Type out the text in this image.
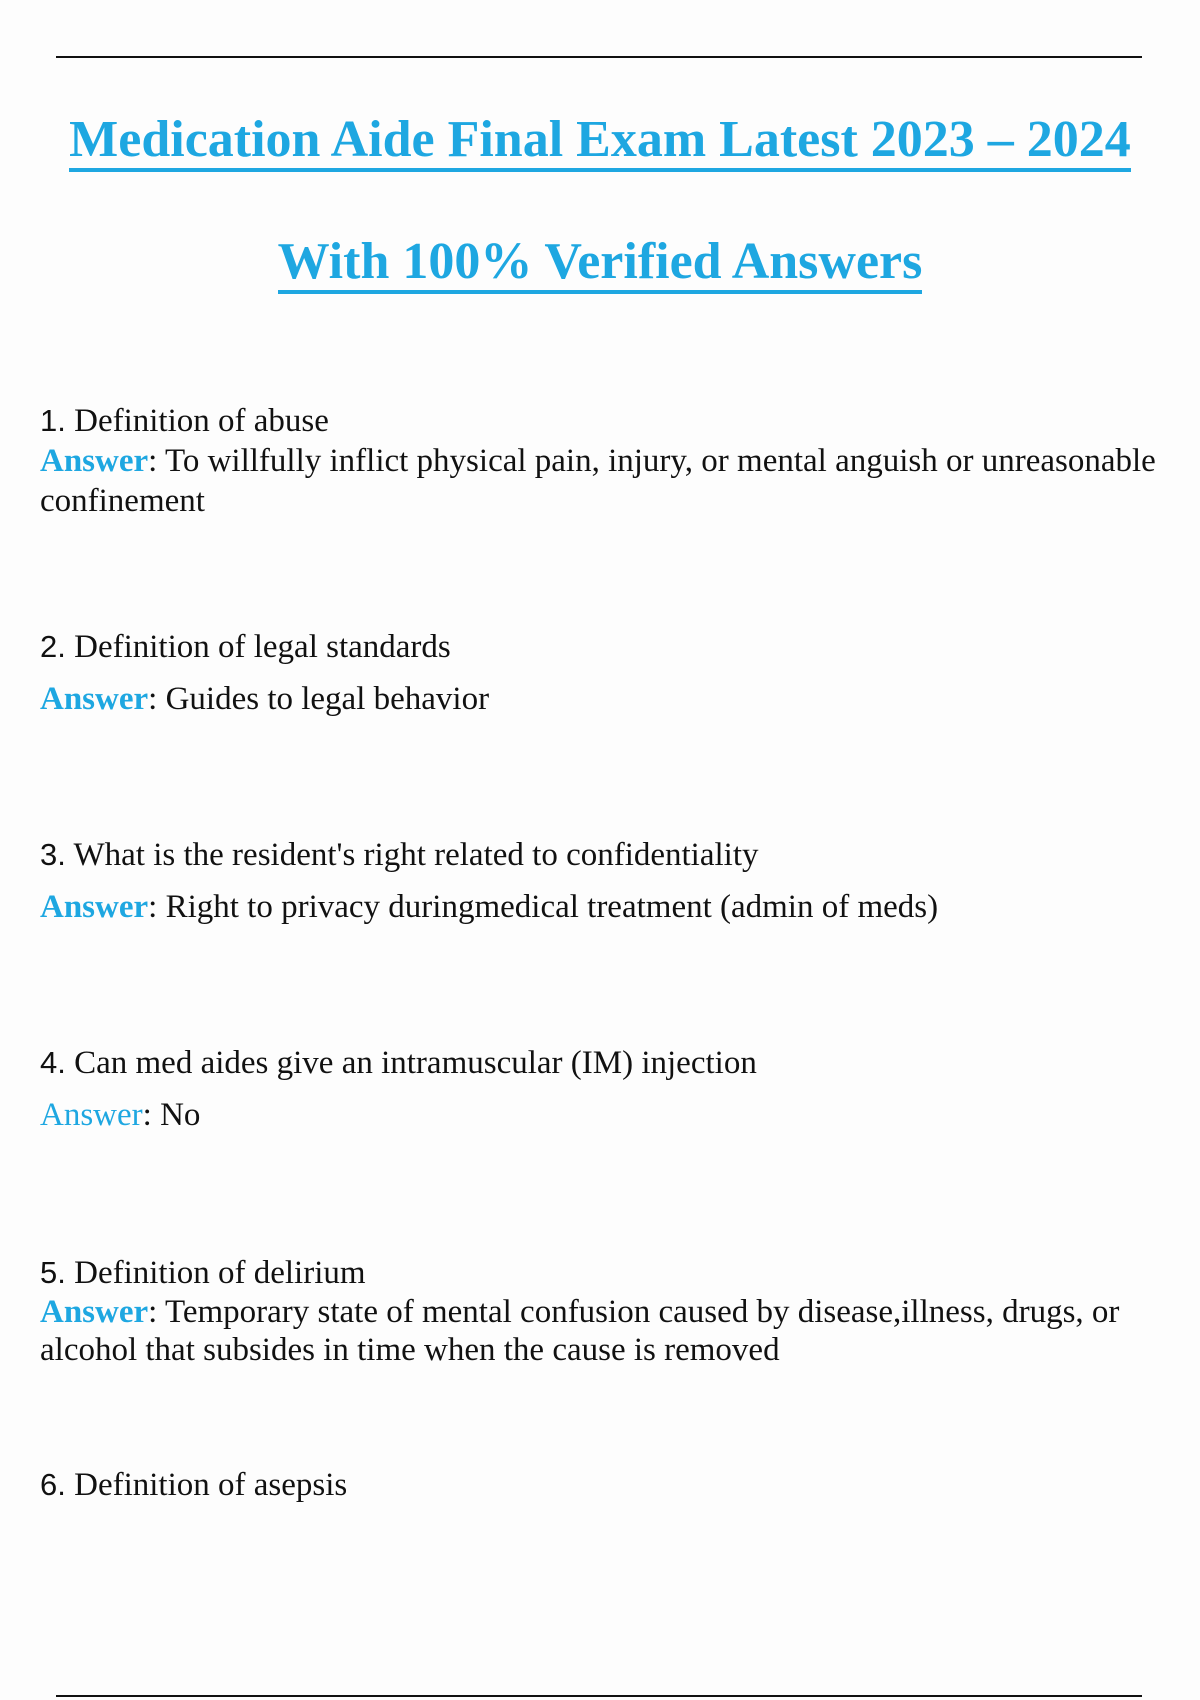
Medication Aide Final Exam Latest 2023 – 2024
With 100% Verified Answers

1. Definition of abuse

Answer: To willfully inflict physical pain, injury, or mental anguish or unreasonable confinement

2. Definition of legal standards

Answer: Guides to legal behavior

3. What is the resident's right related to confidentiality

Answer: Right to privacy duringmedical treatment (admin of meds)

4. Can med aides give an intramuscular (IM) injection

Answer: No

5. Definition of delirium

Answer: Temporary state of mental confusion caused by disease,illness, drugs, or alcohol that subsides in time when the cause is removed

6. Definition of asepsis
